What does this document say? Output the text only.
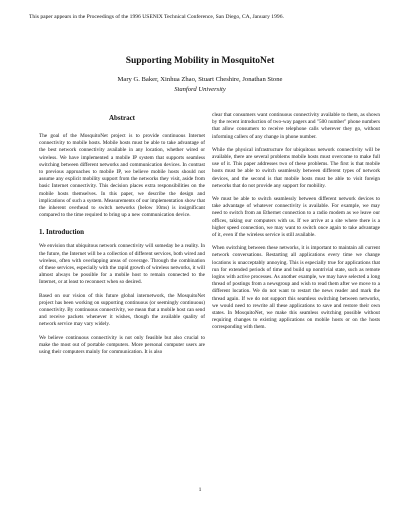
This paper appears in the Proceedings of the 1996 USENIX Technical Conference, San Diego, CA, January 1996.
Supporting Mobility in MosquitoNet
Mary G. Baker, Xinhua Zhao, Stuart Cheshire, Jonathan Stone
Stanford University
Abstract

The goal of the MosquitoNet project is to provide continuous Internet connectivity to mobile hosts. Mobile hosts must be able to take advantage of the best network connectivity available in any location, whether wired or wireless. We have implemented a mobile IP system that supports seamless switching between different networks and communication devices. In contrast to previous approaches to mobile IP, we believe mobile hosts should not assume any explicit mobility support from the networks they visit, aside from basic Internet connectivity. This decision places extra responsibilities on the mobile hosts themselves. In this paper, we describe the design and implications of such a system. Measurements of our implementation show that the inherent overhead to switch networks (below 10ms) is insignificant compared to the time required to bring up a new communication device.

1. Introduction

We envision that ubiquitous network connectivity will someday be a reality. In the future, the Internet will be a collection of different services, both wired and wireless, often with overlapping areas of coverage. Through the combination of these services, especially with the rapid growth of wireless networks, it will almost always be possible for a mobile host to remain connected to the Internet, or at least to reconnect when so desired.

Based on our vision of this future global internetwork, the MosquitoNet project has been working on supporting continuous (or seemingly continuous) connectivity. By continuous connectivity, we mean that a mobile host can send and receive packets whenever it wishes, though the available quality of network service may vary widely.

We believe continuous connectivity is not only feasible but also crucial to make the most out of portable computers. More personal computer users are using their computers mainly for communication. It is also

clear that consumers want continuous connectivity available to them, as shown by the recent introduction of two-way pagers and "500 number" phone numbers that allow consumers to receive telephone calls wherever they go, without informing callers of any change in phone number.

While the physical infrastructure for ubiquitous network connectivity will be available, there are several problems mobile hosts must overcome to make full use of it. This paper addresses two of these problems. The first is that mobile hosts must be able to switch seamlessly between different types of network devices, and the second is that mobile hosts must be able to visit foreign networks that do not provide any support for mobility.

We must be able to switch seamlessly between different network devices to take advantage of whatever connectivity is available. For example, we may need to switch from an Ethernet connection to a radio modem as we leave our offices, taking our computers with us. If we arrive at a site where there is a higher speed connection, we may want to switch once again to take advantage of it, even if the wireless service is still available.

When switching between these networks, it is important to maintain all current network conversations. Restarting all applications every time we change locations is unacceptably annoying. This is especially true for applications that run for extended periods of time and build up nontrivial state, such as remote logins with active processes. As another example, we may have selected a long thread of postings from a newsgroup and wish to read them after we move to a different location. We do not want to restart the news reader and mark the thread again. If we do not support this seamless switching between networks, we would need to rewrite all these applications to save and restore their own states. In MosquitoNet, we make this seamless switching possible without requiring changes to existing applications on mobile hosts or on the hosts corresponding with them.

1
